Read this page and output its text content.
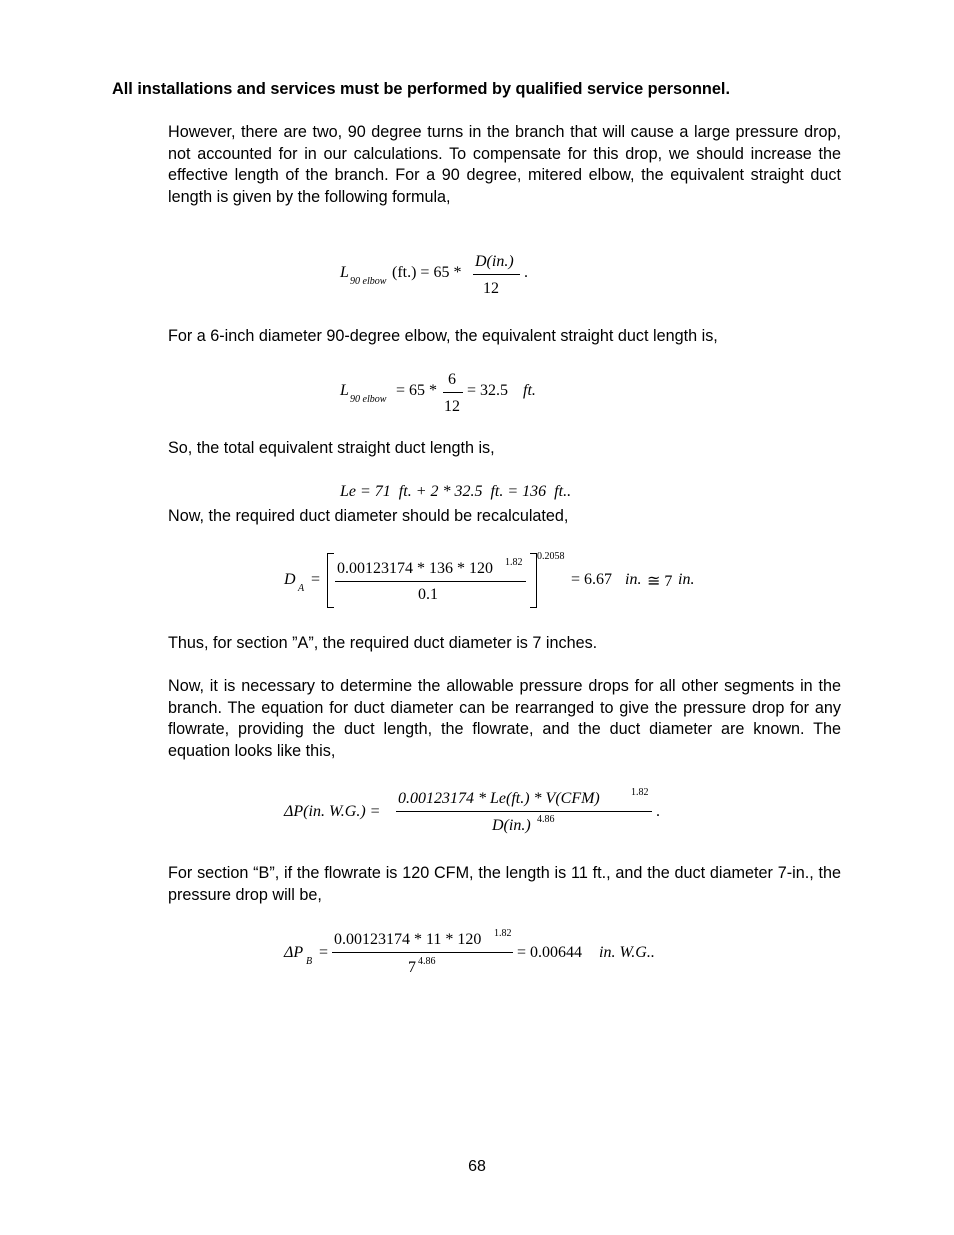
All installations and services must be performed by qualified service personnel.
However, there are two, 90 degree turns in the branch that will cause a large pressure drop, not accounted for in our calculations. To compensate for this drop, we should increase the effective length of the branch. For a 90 degree, mitered elbow, the equivalent straight duct length is given by the following formula,
L
90 elbow
(ft.) = 65 *
D(in.)
12
.
For a 6-inch diameter 90-degree elbow, the equivalent straight duct length is,
L
90 elbow
= 65 *
6
12
= 32.5 ft.
So, the total equivalent straight duct length is,
Le = 71  ft. + 2 * 32.5  ft. = 136  ft..
Now, the required duct diameter should be recalculated,
D
A
=
0.00123174 * 136 * 120 1.82
0.1
0.2058
= 6.67 in. ≅ 7 in.
Thus, for section ”A”, the required duct diameter is 7 inches.
Now, it is necessary to determine the allowable pressure drops for all other segments in the branch. The equation for duct diameter can be rearranged to give the pressure drop for any flowrate, providing the duct length, the flowrate, and the duct diameter are known. The equation looks like this,
ΔP(in. W.G.) =
0.00123174 * Le(ft.) * V(CFM)	1.82
D(in.) 4.86	.
For section “B”, if the flowrate is 120 CFM, the length is 11 ft., and the duct diameter 7-in., the pressure drop will be,
ΔP
B
=
0.00123174 * 11 * 120 1.82
7 4.86
= 0.00644 in. W.G..
68
